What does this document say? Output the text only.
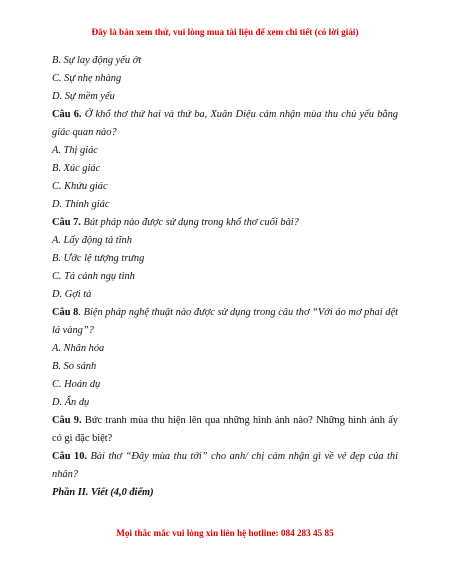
Đây là bản xem thử, vui lòng mua tài liệu để xem chi tiết (có lời giải)
B. Sự lay động yếu ớt
C. Sự nhẹ nhàng
D. Sự mềm yếu
Câu 6. Ở khổ thơ thứ hai và thứ ba, Xuân Diệu cảm nhận mùa thu chủ yếu bằng giác quan nào?
A. Thị giác
B. Xúc giác
C. Khứu giác
D. Thính giác
Câu 7. Bút pháp nào được sử dụng trong khổ thơ cuối bài?
A. Lấy động tả tĩnh
B. Ước lệ tượng trưng
C. Tả cảnh ngụ tình
D. Gợi tả
Câu 8. Biện pháp nghệ thuật nào được sử dụng trong câu thơ “Với áo mơ phai dệt lá vàng”?
A. Nhân hóa
B. So sánh
C. Hoán dụ
D. Ẩn dụ
Câu 9. Bức tranh mùa thu hiện lên qua những hình ảnh nào? Những hình ảnh ấy có gì đặc biệt?
Câu 10. Bài thơ “Đây mùa thu tới” cho anh/ chị cảm nhận gì về vẻ đẹp của thi nhân?
Phần II. Viết (4,0 điểm)
Mọi thắc mắc vui lòng xin liên hệ hotline: 084 283 45 85
